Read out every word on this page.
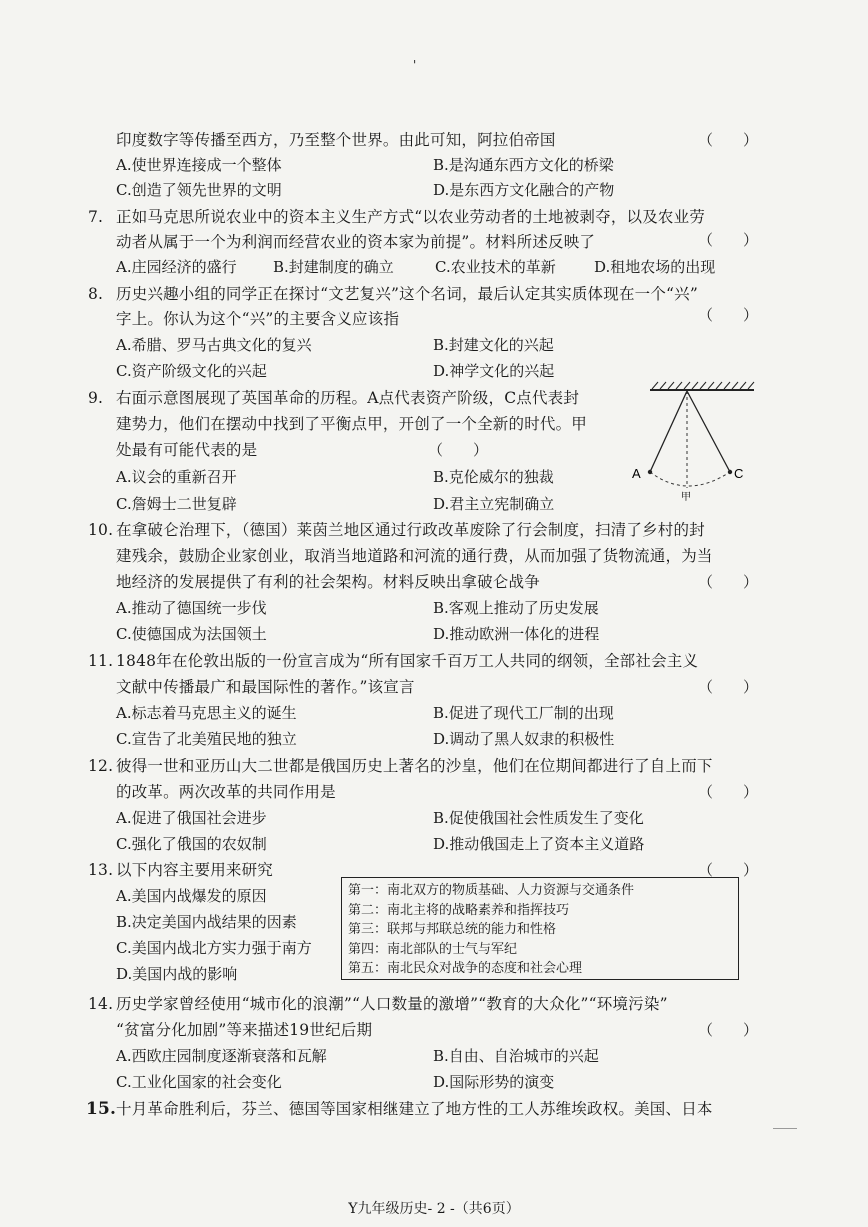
'
印度数字等传播至西方，乃至整个世界。由此可知，阿拉伯帝国	（　　）
A.使世界连接成一个整体	B.是沟通东西方文化的桥梁
C.创造了领先世界的文明	D.是东西方文化融合的产物
7. 正如马克思所说农业中的资本主义生产方式“以农业劳动者的土地被剥夺，以及农业劳
动者从属于一个为利润而经营农业的资本家为前提”。材料所述反映了	（　　）
A.庄园经济的盛行 B.封建制度的确立	C.农业技术的革新	D.租地农场的出现
8. 历史兴趣小组的同学正在探讨“文艺复兴”这个名词，最后认定其实质体现在一个“兴”
字上。你认为这个“兴”的主要含义应该指	（　　）
A.希腊、罗马古典文化的复兴	B.封建文化的兴起
C.资产阶级文化的兴起	D.神学文化的兴起
9. 右面示意图展现了英国革命的历程。A点代表资产阶级，C点代表封
建势力，他们在摆动中找到了平衡点甲，开创了一个全新的时代。甲
处最有可能代表的是	（　　）
A.议会的重新召开	B.克伦威尔的独裁
C.詹姆士二世复辟	D.君主立宪制确立
A	C
甲
10. 在拿破仑治理下，（德国）莱茵兰地区通过行政改革废除了行会制度，扫清了乡村的封
建残余，鼓励企业家创业，取消当地道路和河流的通行费，从而加强了货物流通，为当
地经济的发展提供了有利的社会架构。材料反映出拿破仑战争	（　　）
A.推动了德国统一步伐	B.客观上推动了历史发展
C.使德国成为法国领土	D.推动欧洲一体化的进程
11. 1848年在伦敦出版的一份宣言成为“所有国家千百万工人共同的纲领，全部社会主义
文献中传播最广和最国际性的著作。”该宣言	（　　）
A.标志着马克思主义的诞生	B.促进了现代工厂制的出现
C.宣告了北美殖民地的独立	D.调动了黑人奴隶的积极性
12. 彼得一世和亚历山大二世都是俄国历史上著名的沙皇，他们在位期间都进行了自上而下
的改革。两次改革的共同作用是	（　　）
A.促进了俄国社会进步	B.促使俄国社会性质发生了变化
C.强化了俄国的农奴制	D.推动俄国走上了资本主义道路
13. 以下内容主要用来研究	（　　）
A.美国内战爆发的原因
B.决定美国内战结果的因素
C.美国内战北方实力强于南方
D.美国内战的影响
第一：南北双方的物质基础、人力资源与交通条件
第二：南北主将的战略素养和指挥技巧
第三：联邦与邦联总统的能力和性格
第四：南北部队的士气与军纪
第五：南北民众对战争的态度和社会心理
14. 历史学家曾经使用“城市化的浪潮”“人口数量的激增”“教育的大众化”“环境污染”
“贫富分化加剧”等来描述19世纪后期	（　　）
A.西欧庄园制度逐渐衰落和瓦解	B.自由、自治城市的兴起
C.工业化国家的社会变化	D.国际形势的演变
15. 十月革命胜利后，芬兰、德国等国家相继建立了地方性的工人苏维埃政权。美国、日本
Y九年级历史- 2 -（共6页）
